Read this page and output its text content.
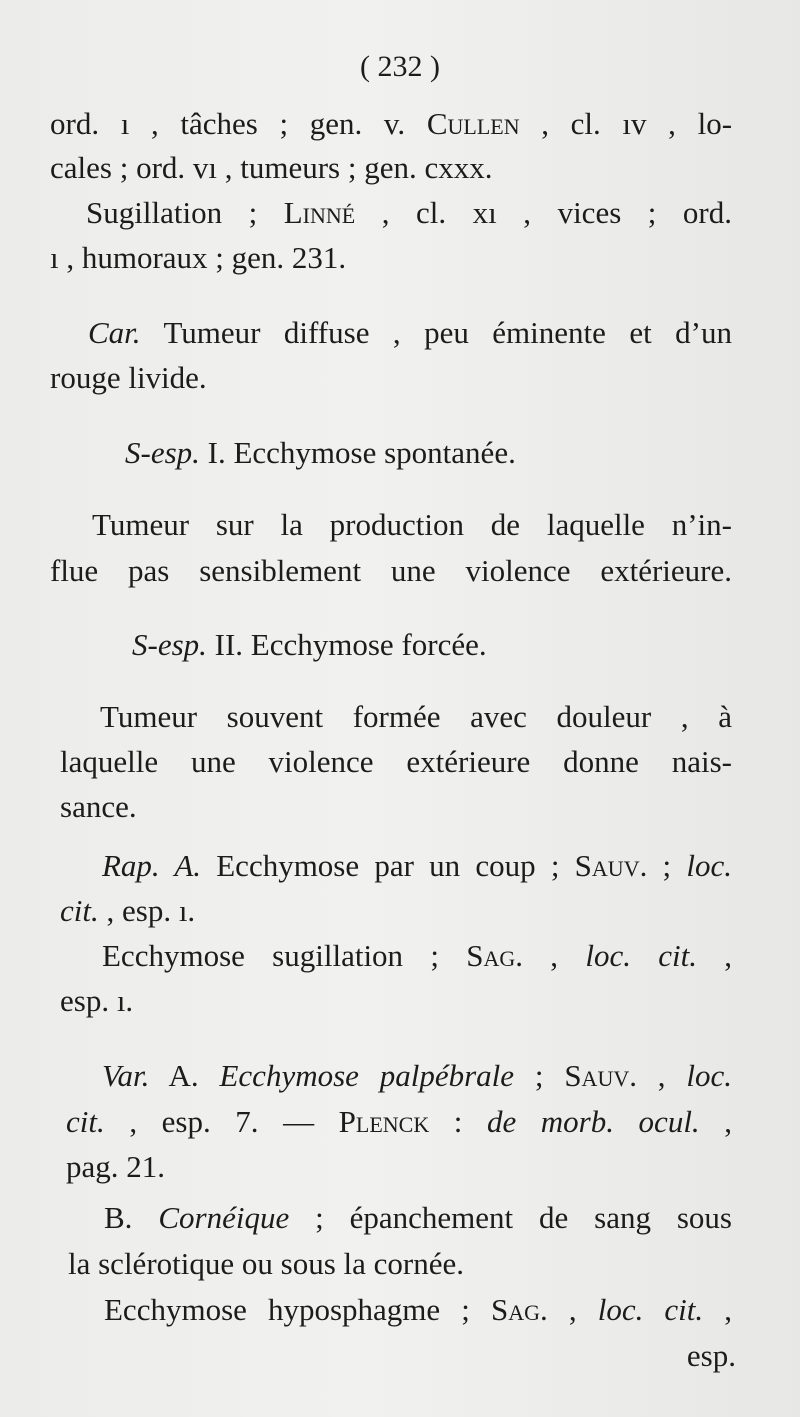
( 232 )
ord. ı , tâches ; gen. v. Cullen , cl. ıv , lo-
cales ; ord. vı , tumeurs ; gen. cxxx.
Sugillation ; Linné , cl. xı , vices ; ord.
ı , humoraux ; gen. 231.
Car. Tumeur diffuse , peu éminente et d’un
rouge livide.
S-esp. I. Ecchymose spontanée.
Tumeur sur la production de laquelle n’in-
flue pas sensiblement une violence extérieure.
S-esp. II. Ecchymose forcée.
Tumeur souvent formée avec douleur , à
laquelle une violence extérieure donne nais-
sance.
Rap. A. Ecchymose par un coup ; Sauv. ; loc.
cit. , esp. ı.
Ecchymose sugillation ; Sag. , loc. cit. ,
esp. ı.
Var. A. Ecchymose palpébrale ; Sauv. , loc.
cit. , esp. 7. — Plenck : de morb. ocul. ,
pag. 21.
B. Cornéique ; épanchement de sang sous
la sclérotique ou sous la cornée.
Ecchymose hyposphagme ; Sag. , loc. cit. ,
esp.
